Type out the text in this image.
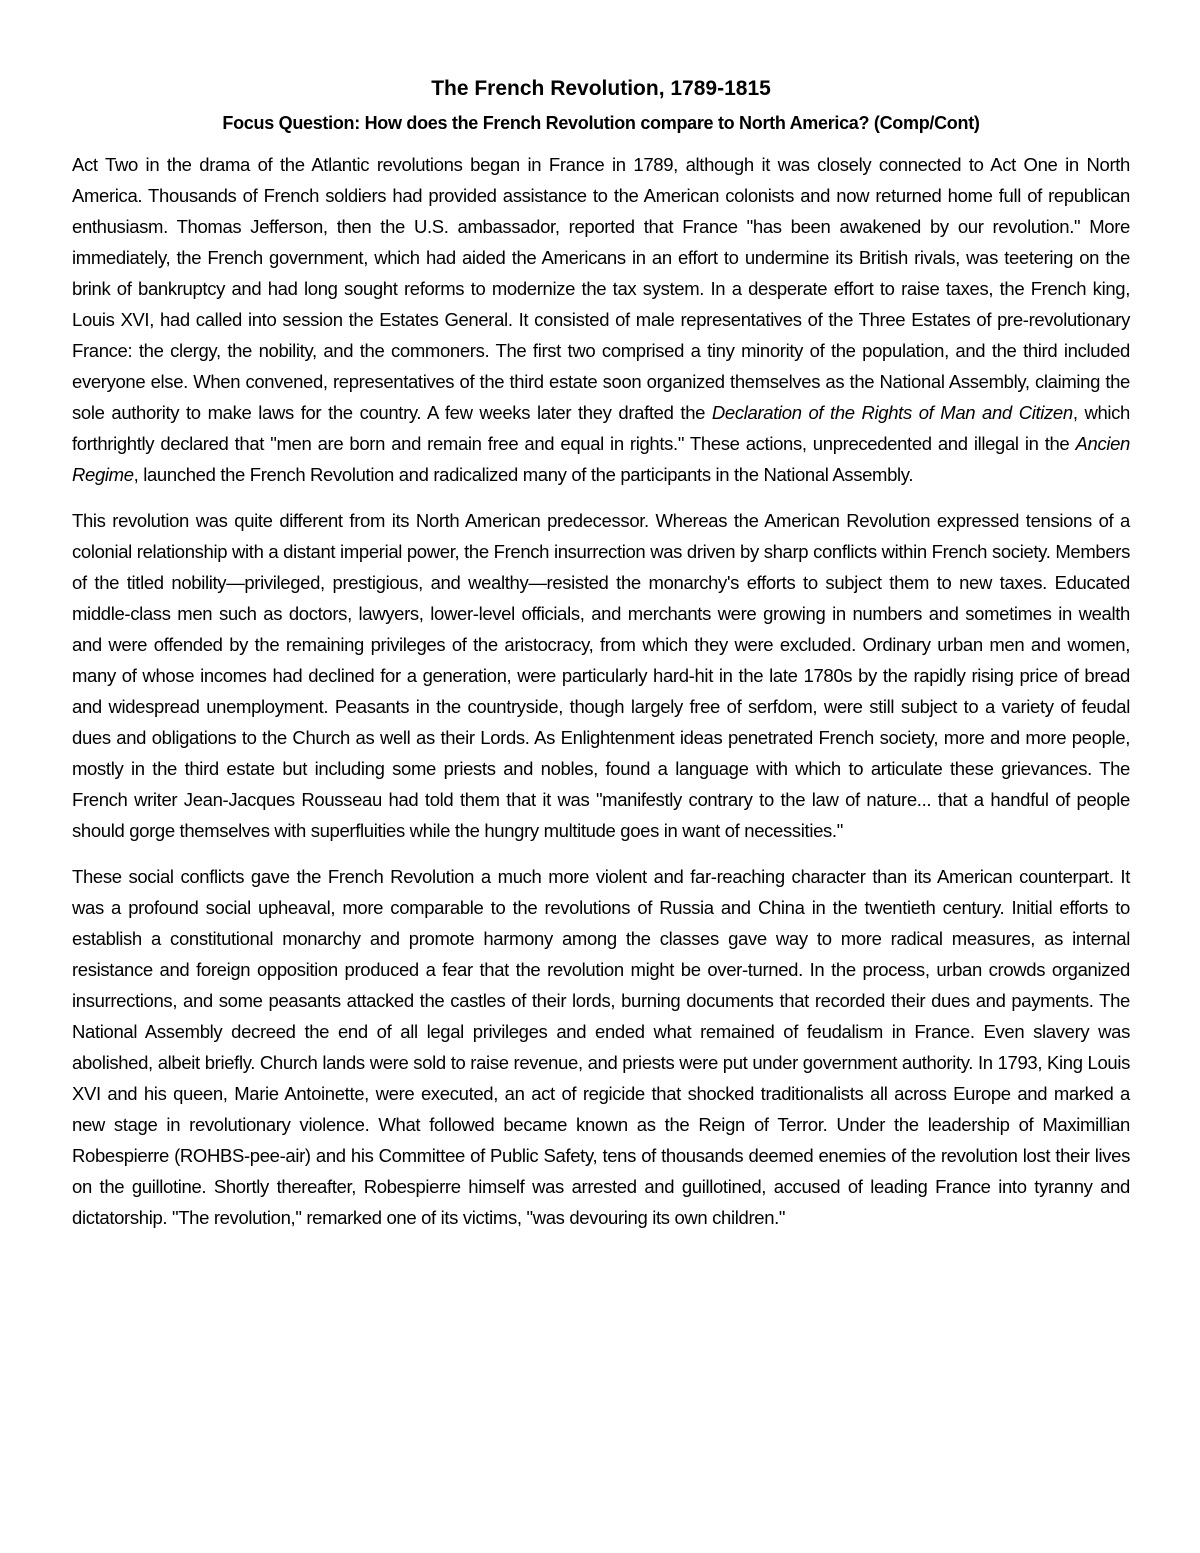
The French Revolution, 1789-1815

Focus Question: How does the French Revolution compare to North America? (Comp/Cont)

Act Two in the drama of the Atlantic revolutions began in France in 1789, although it was closely connected to Act One in North America. Thousands of French soldiers had provided assistance to the American colonists and now returned home full of republican enthusiasm. Thomas Jefferson, then the U.S. ambassador, reported that France "has been awakened by our revolution." More immediately, the French government, which had aided the Americans in an effort to undermine its British rivals, was teetering on the brink of bankruptcy and had long sought reforms to modernize the tax system. In a desperate effort to raise taxes, the French king, Louis XVI, had called into session the Estates General. It consisted of male representatives of the Three Estates of pre-revolutionary France: the clergy, the nobility, and the commoners. The first two comprised a tiny minority of the population, and the third included everyone else. When convened, representatives of the third estate soon organized themselves as the National Assembly, claiming the sole authority to make laws for the country. A few weeks later they drafted the Declaration of the Rights of Man and Citizen, which forthrightly declared that "men are born and remain free and equal in rights." These actions, unprecedented and illegal in the Ancien Regime, launched the French Revolution and radicalized many of the participants in the National Assembly.

This revolution was quite different from its North American predecessor. Whereas the American Revolution expressed tensions of a colonial relationship with a distant imperial power, the French insurrection was driven by sharp conflicts within French society. Members of the titled nobility—privileged, prestigious, and wealthy—resisted the monarchy's efforts to subject them to new taxes. Educated middle-class men such as doctors, lawyers, lower-level officials, and merchants were growing in numbers and sometimes in wealth and were offended by the remaining privileges of the aristocracy, from which they were excluded. Ordinary urban men and women, many of whose incomes had declined for a generation, were particularly hard-hit in the late 1780s by the rapidly rising price of bread and widespread unemployment. Peasants in the countryside, though largely free of serfdom, were still subject to a variety of feudal dues and obligations to the Church as well as their Lords. As Enlightenment ideas penetrated French society, more and more people, mostly in the third estate but including some priests and nobles, found a language with which to articulate these grievances. The French writer Jean-Jacques Rousseau had told them that it was "manifestly contrary to the law of nature... that a handful of people should gorge themselves with superfluities while the hungry multitude goes in want of necessities."

These social conflicts gave the French Revolution a much more violent and far-reaching character than its American counterpart. It was a profound social upheaval, more comparable to the revolutions of Russia and China in the twentieth century. Initial efforts to establish a constitutional monarchy and promote harmony among the classes gave way to more radical measures, as internal resistance and foreign opposition produced a fear that the revolution might be over-turned. In the process, urban crowds organized insurrections, and some peasants attacked the castles of their lords, burning documents that recorded their dues and payments. The National Assembly decreed the end of all legal privileges and ended what remained of feudalism in France. Even slavery was abolished, albeit briefly. Church lands were sold to raise revenue, and priests were put under government authority. In 1793, King Louis XVI and his queen, Marie Antoinette, were executed, an act of regicide that shocked traditionalists all across Europe and marked a new stage in revolutionary violence. What followed became known as the Reign of Terror. Under the leadership of Maximillian Robespierre (ROHBS-pee-air) and his Committee of Public Safety, tens of thousands deemed enemies of the revolution lost their lives on the guillotine. Shortly thereafter, Robespierre himself was arrested and guillotined, accused of leading France into tyranny and dictatorship. "The revolution," remarked one of its victims, "was devouring its own children."
